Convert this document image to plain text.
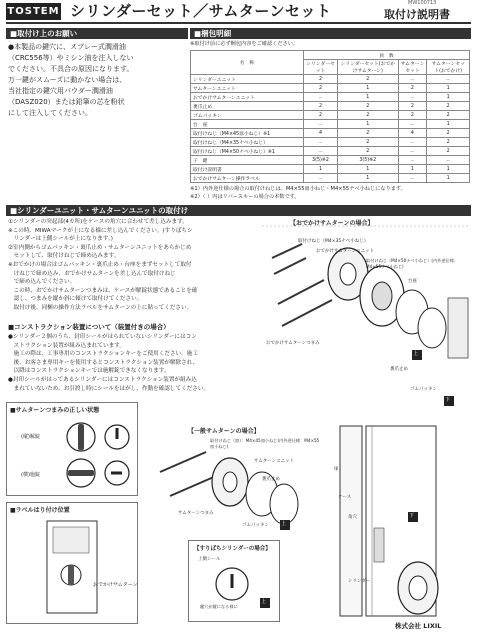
TOSTEM シリンダーセット／サムターンセット	MW100713
取付け説明書
■取付け上のお願い
●本製品の鍵穴に、スプレー式潤滑油
（CRC556等）やミシン油を注入しない
でください。不具合の原因になります。
万一鍵がスムーズに動かない場合は、
当社指定の鍵穴用パウダー潤滑油
（DASZ020）または鉛筆の芯を粉状
にして注入してください。
■梱包明細
※取付け前に必ず梱包内容をご確認ください。
名　称	員　数			
	シリンダーセット	シリンダーセット(おでかけサムターン)	サムターンセット	サムターンセット(おでかけ)
シリンダーユニット	2	2	－	－
サムターンユニット	2	1	2	1
おでかけサムターンユニット	－	1	－	1
裏爪止め	2	2	2	2
ゴムパッキン	2	2	2	2
台　座	－	1	－	1
取付けねじ（M4×45皿小ねじ）※1	4	2	4	2
取付けねじ（M4×35ナベ小ねじ）	－	2	－	2
取付けねじ（M4×50ナベ小ねじ）※1	－	2	－	2
子　鍵	3(5)※2	3(5)※2	－	－
取付け説明書	1	1	1	1
おでかけサムターン操作ラベル	－	1	－	1
※1）内外逆仕様の場合の取付けねじは、M4×55皿小ねじ・M4×55ナベ小ねじになります。
※2）（ ）内はリバースキーの場合の本数です。
■シリンダーユニット・サムターンユニットの取付け
①シリンダーの突起部(4カ所)をケースの角穴に合わせて差し込みます。
※この時、MIWAマークが上になる様に差し込んでください。(すりばちシ
　リンダーは上側シールが上になります。)
②室内側からゴムパッキン・裏爪止め・サムターンユニットをあらかじめ
　セットして、取付けねじで締め込みます。
※おでかけの場合はゴムパッキン・裏爪止め・台座をまずセットして取付
　けねじで締め込み、おでかけサムターンを差し込んで取付けねじ
　で締め込んでください。
　この時、おでかけサムターンつまみは、ケースが解錠状態であることを確
　認し、つまみを縦か斜に傾けて取付けてください。
　取付け後、同梱の操作方法ラベルをサムターンの上に貼ってください。
■コンストラクション装置について（装置付きの場合）
●シリンダー２個のうち、封印シールがはられていないシリンダーにはコン
　ストラクション装置が組み込まれています。
　施工の際は、工事専用のコンストラクションキーをご使用ください。施工
　後、お客さま専用キーを使用するとコンストラクション装置が解除され、
　以降はコンストラクションキーでは施解錠できなくなります。
●封印シールがはってあるシリンダーにはコンストラクション装置が組み込
　まれていないため、お引渡し時にシールをはがし、作動を確認してください。
■サムターンつまみの正しい状態
(縦)解錠
(横)施錠
■ラベルはり付け位置
おでかけサムターン
【おでかけサムターンの場合】
取付けねじ（M4×35ナベ小ねじ）
おでかけサムターンユニット
取付けねじ（M4×50ナベ小ねじ）(内外逆仕様：M4×55ナベ小ねじ)
台座
おでかけサムターンつまみ
裏爪止め
ゴムパッキン
上
下
【一般サムターンの場合】
取付けねじ（皿）：M4×45皿小ねじ(内外逆仕様：M4×55皿小ねじ)
サムターンユニット
サムターンつまみ
裏爪止め
ゴムパッキン 上
【すりばちシリンダーの場合】
上側シール
鍵穴が縦になる様に
シリンダー
扉
ケース
角穴
上
下
株式会社 LIXIL
